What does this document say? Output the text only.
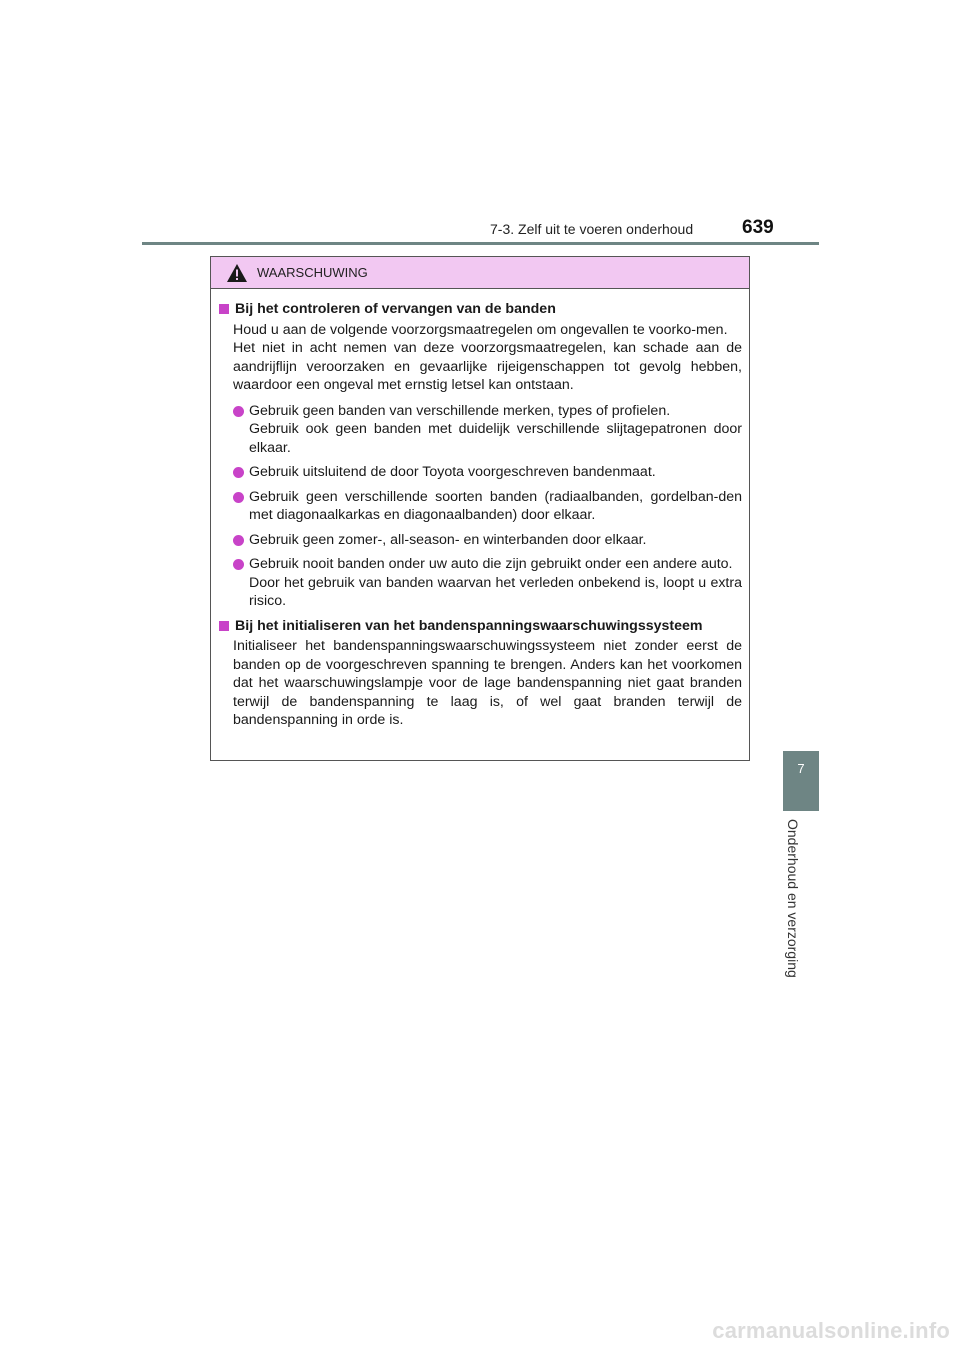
7-3. Zelf uit te voeren onderhoud	639
7
Onderhoud en verzorging
WAARSCHUWING
Bij het controleren of vervangen van de banden
Houd u aan de volgende voorzorgsmaatregelen om ongevallen te voorko-men.
Het niet in acht nemen van deze voorzorgsmaatregelen, kan schade aan de aandrijflijn veroorzaken en gevaarlijke rijeigenschappen tot gevolg hebben, waardoor een ongeval met ernstig letsel kan ontstaan.

Gebruik geen banden van verschillende merken, types of profielen.

Gebruik ook geen banden met duidelijk verschillende slijtagepatronen door elkaar.

Gebruik uitsluitend de door Toyota voorgeschreven bandenmaat.

Gebruik geen verschillende soorten banden (radiaalbanden, gordelban-den met diagonaalkarkas en diagonaalbanden) door elkaar.

Gebruik geen zomer-, all-season- en winterbanden door elkaar.

Gebruik nooit banden onder uw auto die zijn gebruikt onder een andere auto.

Door het gebruik van banden waarvan het verleden onbekend is, loopt u extra risico.

Bij het initialiseren van het bandenspanningswaarschuwingssysteem
Initialiseer het bandenspanningswaarschuwingssysteem niet zonder eerst de banden op de voorgeschreven spanning te brengen. Anders kan het voorkomen dat het waarschuwingslampje voor de lage bandenspanning niet gaat branden terwijl de bandenspanning te laag is, of wel gaat branden terwijl de bandenspanning in orde is.
carmanualsonline.info
